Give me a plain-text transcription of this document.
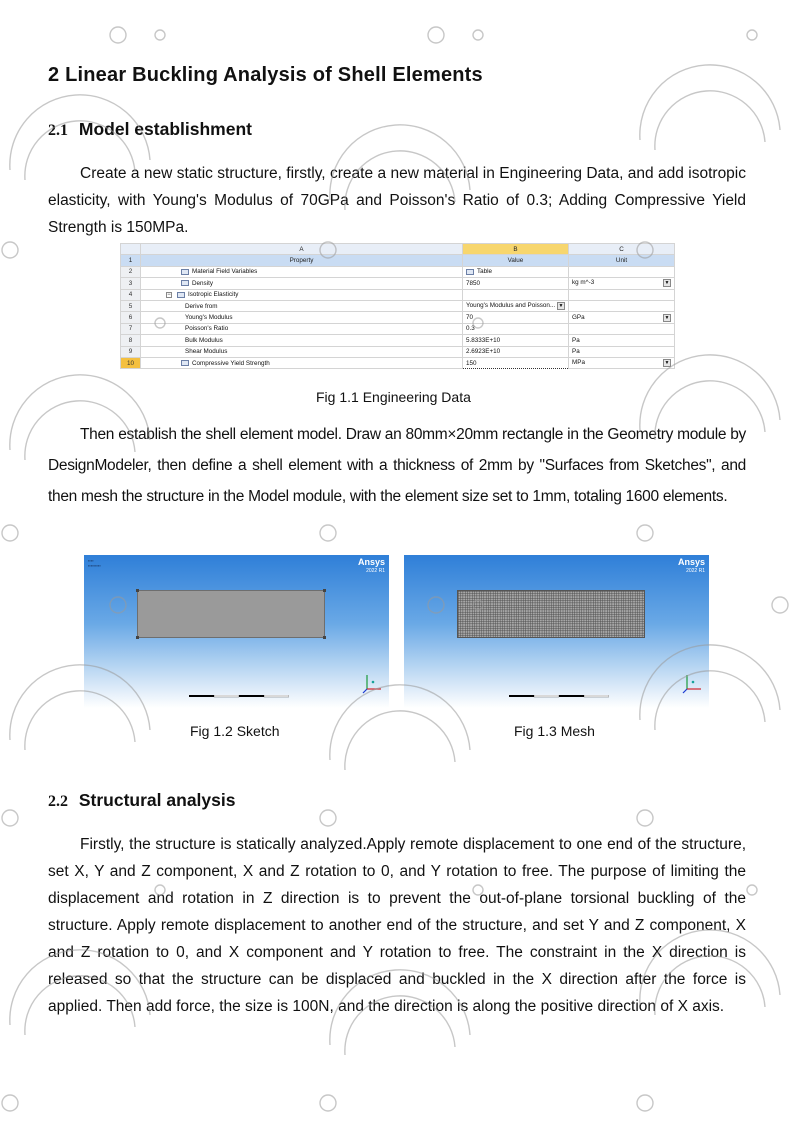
2 Linear Buckling Analysis of Shell Elements
2.1 Model establishment

Create a new static structure, firstly, create a new material in Engineering Data, and add isotropic elasticity, with Young's Modulus of 70GPa and Poisson's Ratio of 0.3; Adding Compressive Yield Strength is 150MPa.

	A	B	C
1	Property	Value	Unit
2	Material Field Variables	Table	
3	Density	7850	kg m^-3 ▼

4	− Isotropic Elasticity		
5	Derive from	Young's Modulus and Poisson... ▼	

6	Young's Modulus	70	GPa ▼

7	Poisson's Ratio	0.3	
8	Bulk Modulus	5.8333E+10	Pa
9	Shear Modulus	2.6923E+10	Pa
10	Compressive Yield Strength	150	MPa ▼
Fig 1.1 Engineering Data

Then establish the shell element model. Draw an 80mm×20mm rectangle in the Geometry module by DesignModeler, then define a shell element with a thickness of 2mm by "Surfaces from Sketches", and then mesh the structure in the Model module, with the element size set to 1mm, totaling 1600 elements.

▪▪▪▪
▪▪▪▪▪▪▪▪▪	Ansys
2022 R1
Fig 1.2 Sketch
Ansys
2022 R1
Fig 1.3 Mesh
2.2 Structural analysis

Firstly, the structure is statically analyzed.Apply remote displacement to one end of the structure, set X, Y and Z component, X and Z rotation to 0, and Y rotation to free. The purpose of limiting the displacement and rotation in Z direction is to prevent the out-of-plane torsional buckling of the structure. Apply remote displacement to another end of the structure, and set Y and Z component, X and Z rotation to 0, and X component and Y rotation to free. The constraint in the X direction is released so that the structure can be displaced and buckled in the X direction after the force is applied. Then add force, the size is 100N, and the direction is along the positive direction of X axis.
